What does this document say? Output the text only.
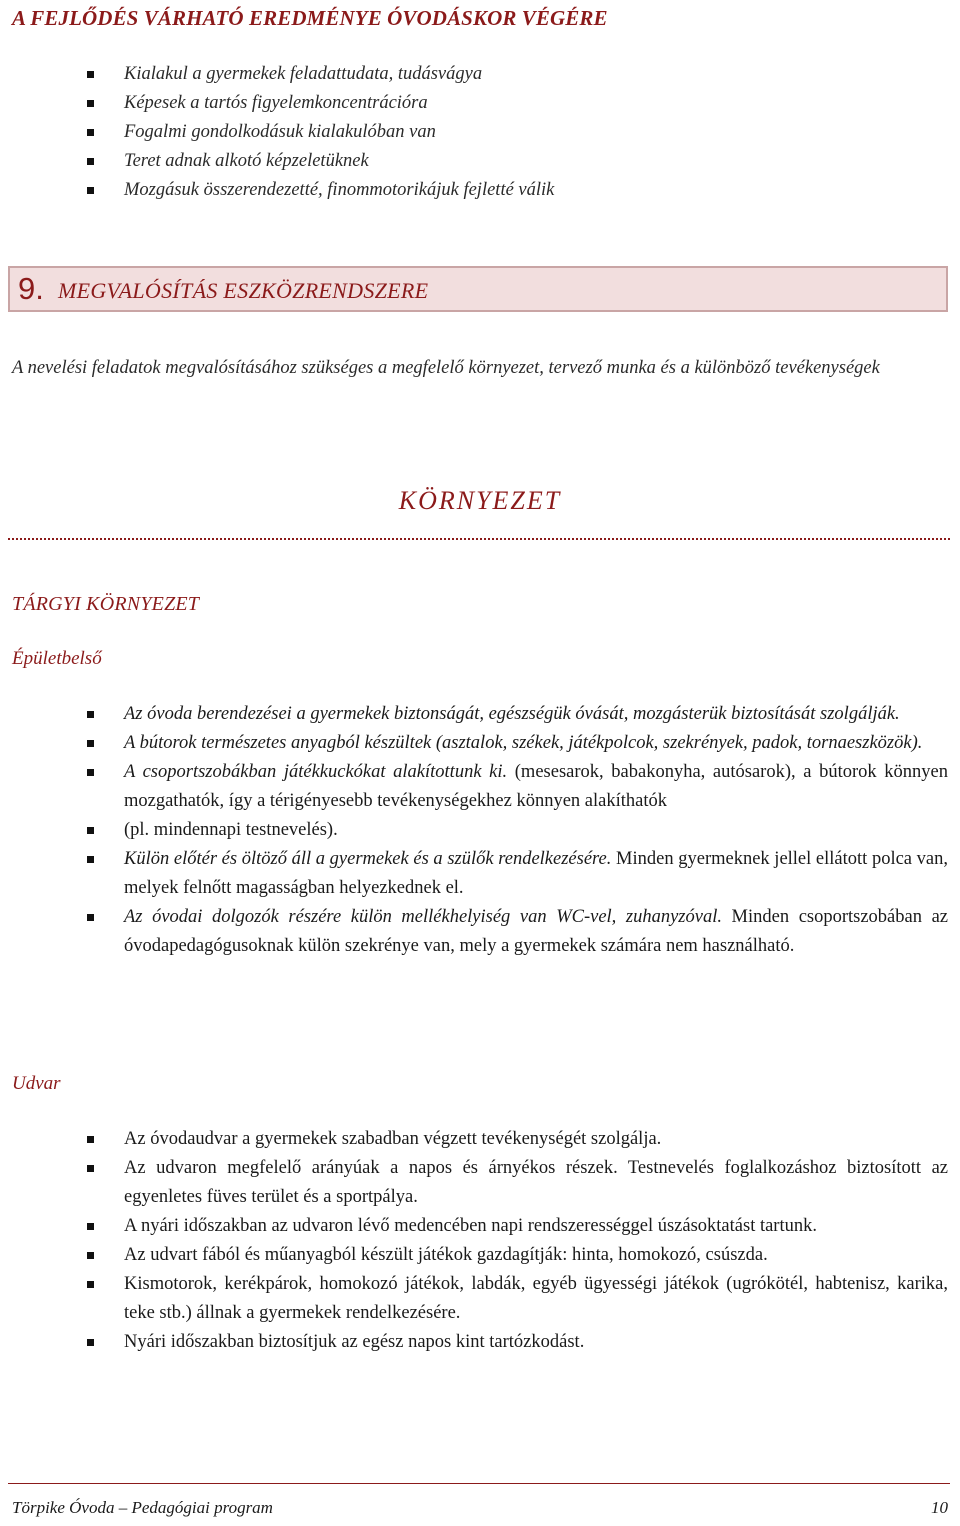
A FEJLŐDÉS VÁRHATÓ EREDMÉNYE ÓVODÁSKOR VÉGÉRE
Kialakul a gyermekek feladattudata, tudásvágya
Képesek a tartós figyelemkoncentrációra
Fogalmi gondolkodásuk kialakulóban van
Teret adnak alkotó képzeletüknek
Mozgásuk összerendezetté, finommotorikájuk fejletté válik
9. MEGVALÓSÍTÁS ESZKÖZRENDSZERE
A nevelési feladatok megvalósításához szükséges a megfelelő környezet, tervező munka és a különböző tevékenységek
KÖRNYEZET
TÁRGYI KÖRNYEZET
Épületbelső
Az óvoda berendezései a gyermekek biztonságát, egészségük óvását, mozgásterük biztosítását szolgálják.
A bútorok természetes anyagból készültek (asztalok, székek, játékpolcok, szekrények, padok, tornaeszközök).
A csoportszobákban játékkuckókat alakítottunk ki. (mesesarok, babakonyha, autósarok), a bútorok könnyen mozgathatók, így a térigényesebb tevékenységekhez könnyen alakíthatók
(pl. mindennapi testnevelés).
Külön előtér és öltöző áll a gyermekek és a szülők rendelkezésére. Minden gyermeknek jellel ellátott polca van, melyek felnőtt magasságban helyezkednek el.
Az óvodai dolgozók részére külön mellékhelyiség van WC-vel, zuhanyzóval. Minden csoportszobában az óvodapedagógusoknak külön szekrénye van, mely a gyermekek számára nem használható.
Udvar
Az óvodaudvar a gyermekek szabadban végzett tevékenységét szolgálja.
Az udvaron megfelelő arányúak a napos és árnyékos részek. Testnevelés foglalkozáshoz biztosított az egyenletes füves terület és a sportpálya.
A nyári időszakban az udvaron lévő medencében napi rendszerességgel úszásoktatást tartunk.
Az udvart fából és műanyagból készült játékok gazdagítják: hinta, homokozó, csúszda.
Kismotorok, kerékpárok, homokozó játékok, labdák, egyéb ügyességi játékok (ugrókötél, habtenisz, karika, teke stb.) állnak a gyermekek rendelkezésére.
Nyári időszakban biztosítjuk az egész napos kint tartózkodást.
Törpike Óvoda – Pedagógiai program	10
